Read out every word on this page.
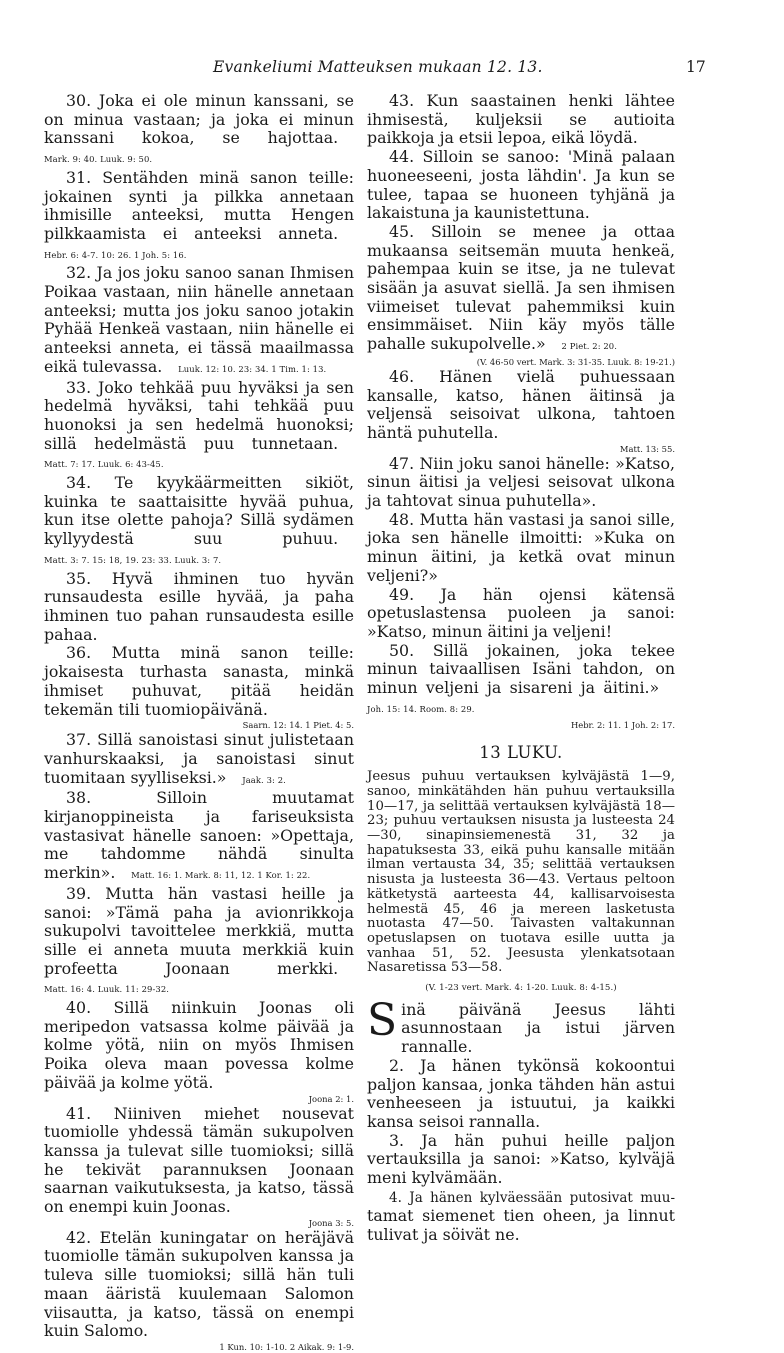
Evankeliumi Matteuksen mukaan 12. 13.	17

30. Joka ei ole minun kanssani, se on minua vastaan; ja joka ei minun kanssani kokoa, se hajottaa. Mark. 9: 40. Luuk. 9: 50.

31. Sentähden minä sanon teille: jokainen synti ja pilkka annetaan ihmisille anteeksi, mutta Hengen pilkkaamista ei anteeksi anneta. Hebr. 6: 4-7. 10: 26. 1 Joh. 5: 16.

32. Ja jos joku sanoo sanan Ihmisen Poikaa vastaan, niin hänelle annetaan anteeksi; mutta jos joku sanoo jotakin Pyhää Henkeä vastaan, niin hänelle ei anteeksi anneta, ei tässä maailmassa eikä tulevassa.  Luuk. 12: 10. 23: 34. 1 Tim. 1: 13.

33. Joko tehkää puu hyväksi ja sen hedelmä hyväksi, tahi tehkää puu huonoksi ja sen hedelmä huonoksi; sillä hedelmästä puu tunnetaan. Matt. 7: 17. Luuk. 6: 43-45.

34. Te kyykäärmeitten sikiöt, kuinka te saattaisitte hyvää puhua, kun itse olette pahoja? Sillä sydämen kyllyydestä suu puhuu. Matt. 3: 7. 15: 18, 19. 23: 33. Luuk. 3: 7.

35. Hyvä ihminen tuo hyvän runsaudesta esille hyvää, ja paha ihminen tuo pahan runsaudesta esille pahaa.

36. Mutta minä sanon teille: jokaisesta turhasta sanasta, minkä ihmiset puhuvat, pitää heidän tekemän tili tuomiopäivänä.
Saarn. 12: 14. 1 Piet. 4: 5.

37. Sillä sanoistasi sinut julistetaan vanhurskaaksi, ja sanoistasi sinut tuomitaan syylliseksi.»  Jaak. 3: 2.

38. Silloin muutamat kirjanoppineista ja fariseuksista vastasivat hänelle sanoen: »Opettaja, me tahdomme nähdä sinulta merkin».  Matt. 16: 1. Mark. 8: 11, 12. 1 Kor. 1: 22.

39. Mutta hän vastasi heille ja sanoi: »Tämä paha ja avionrikkoja sukupolvi tavoittelee merkkiä, mutta sille ei anneta muuta merkkiä kuin profeetta Joonaan merkki. Matt. 16: 4. Luuk. 11: 29-32.

40. Sillä niinkuin Joonas oli meripedon vatsassa kolme päivää ja kolme yötä, niin on myös Ihmisen Poika oleva maan povessa kolme päivää ja kolme yötä.
Joona 2: 1.

41. Niiniven miehet nousevat tuomiolle yhdessä tämän sukupolven kanssa ja tulevat sille tuomioksi; sillä he tekivät parannuksen Joonaan saarnan vaikutuksesta, ja katso, tässä on enempi kuin Joonas.
Joona 3: 5.

42. Etelän kuningatar on heräjävä tuomiolle tämän sukupolven kanssa ja tuleva sille tuomioksi; sillä hän tuli maan ääristä kuulemaan Salomon viisautta, ja katso, tässä on enempi kuin Salomo.
1 Kun. 10: 1-10. 2 Aikak. 9: 1-9.

43. Kun saastainen henki lähtee ihmisestä, kuljeksii se autioita paikkoja ja etsii lepoa, eikä löydä.

44. Silloin se sanoo: 'Minä palaan huoneeseeni, josta lähdin'. Ja kun se tulee, tapaa se huoneen tyhjänä ja lakaistuna ja kaunistettuna.

45. Silloin se menee ja ottaa mukaansa seitsemän muuta henkeä, pahempaa kuin se itse, ja ne tulevat sisään ja asuvat siellä. Ja sen ihmisen viimeiset tulevat pahemmiksi kuin ensimmäiset. Niin käy myös tälle pahalle sukupolvelle.»  2 Piet. 2: 20.
(V. 46-50 vert. Mark. 3: 31-35. Luuk. 8: 19-21.)

46. Hänen vielä puhuessaan kansalle, katso, hänen äitinsä ja veljensä seisoivat ulkona, tahtoen häntä puhutella.
Matt. 13: 55.

47. Niin joku sanoi hänelle: »Katso, sinun äitisi ja veljesi seisovat ulkona ja tahtovat sinua puhutella».

48. Mutta hän vastasi ja sanoi sille, joka sen hänelle ilmoitti: »Kuka on minun äitini, ja ketkä ovat minun veljeni?»

49. Ja hän ojensi kätensä opetuslastensa puoleen ja sanoi: »Katso, minun äitini ja veljeni!

50. Sillä jokainen, joka tekee minun taivaallisen Isäni tahdon, on minun veljeni ja sisareni ja äitini.» Joh. 15: 14. Room. 8: 29.
Hebr. 2: 11. 1 Joh. 2: 17.

13 LUKU.

Jeesus puhuu vertauksen kylväjästä 1—9, sanoo, minkätähden hän puhuu vertauksilla 10—17, ja selittää vertauksen kylväjästä 18—23; puhuu vertauksen nisusta ja lusteesta 24—30, sinapinsiemenestä 31, 32 ja hapatuksesta 33, eikä puhu kansalle mitään ilman vertausta 34, 35; selittää vertauksen nisusta ja lusteesta 36—43. Vertaus peltoon kätketystä aarteesta 44, kallisarvoisesta helmestä 45, 46 ja mereen lasketusta nuotasta 47—50. Taivasten valtakunnan opetuslapsen on tuotava esille uutta ja vanhaa 51, 52. Jeesusta ylenkatsotaan Nasaretissa 53—58.

(V. 1-23 vert. Mark. 4: 1-20. Luuk. 8: 4-15.)

Sinä päivänä Jeesus lähti asunnostaan ja istui järven rannalle.

2. Ja hänen tykönsä kokoontui paljon kansaa, jonka tähden hän astui venheeseen ja istuutui, ja kaikki kansa seisoi rannalla.

3. Ja hän puhui heille paljon vertauksilla ja sanoi: »Katso, kylväjä meni kylvämään.

4. Ja hänen kylväessään putosivat muu- tamat siemenet tien oheen, ja linnut tulivat ja söivät ne.
